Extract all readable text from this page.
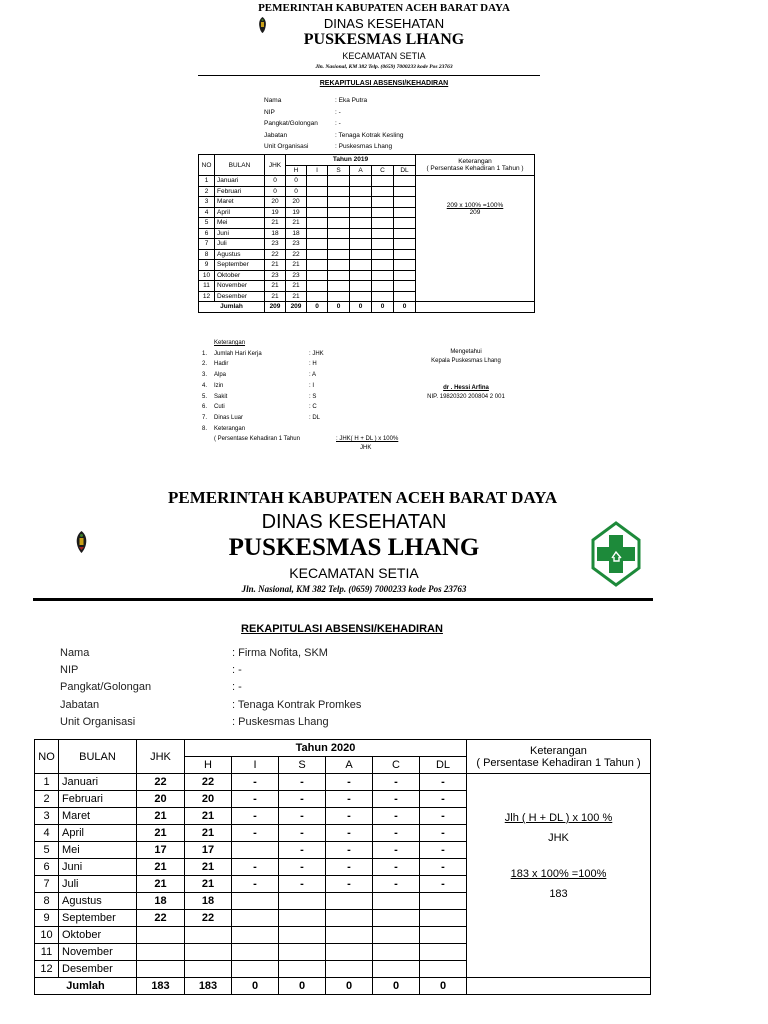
PEMERINTAH KABUPATEN ACEH BARAT DAYA
DINAS KESEHATAN
PUSKESMAS LHANG
KECAMATAN SETIA
Jln. Nasional, KM 382 Telp. (0659) 7000233 kode Pos 23763
REKAPITULASI ABSENSI/KEHADIRAN
Nama	: Eka Putra
NIP	: -
Pangkat/Golongan	: -
Jabatan	: Tenaga Kotrak Kesling
Unit Organisasi	: Puskesmas Lhang
NO	BULAN	JHK	Tahun 2019						Keterangan
( Persentase Kehadiran 1 Tahun )

			H	I	S	A	C	DL	
1	Januari	0	0						209 x 100% =100%
209

2	Februari	0	0						
3	Maret	20	20						
4	April	19	19						
5	Mei	21	21						
6	Juni	18	18						
7	Juli	23	23						
8	Agustus	22	22						
9	September	21	21						
10	Oktober	23	23						
11	November	21	21						
12	Desember	21	21						
Jumlah		209	209	0	0	0	0	0	
Keterangan
1. Jumlah Hari Kerja	: JHK
2. Hadir	: H
3. Alpa	: A
4. Izin	: I
5. Sakit	: S
6. Cuti	: C
7. Dinas Luar	: DL
8. Keterangan
( Persentase Kehadiran 1 Tahun	: JHK( H + DL ) x 100%
JHK
Mengetahui
Kepala Puskesmas Lhang
dr . Hessi Arfina
NIP. 19820320 200804 2 001
PEMERINTAH KABUPATEN ACEH BARAT DAYA
DINAS KESEHATAN
PUSKESMAS LHANG
KECAMATAN SETIA
Jln. Nasional, KM 382 Telp. (0659) 7000233 kode Pos 23763
REKAPITULASI ABSENSI/KEHADIRAN
Nama	: Firma Nofita, SKM
NIP	: -
Pangkat/Golongan	: -
Jabatan	: Tenaga Kontrak Promkes
Unit Organisasi	: Puskesmas Lhang
NO	BULAN	JHK	Tahun 2020						Keterangan
( Persentase Kehadiran 1 Tahun )

			H	I	S	A	C	DL	
1	Januari	22	22	-	-	-	-	-	Jlh ( H + DL ) x 100 %
JHK
183 x 100% =100%
183

2	Februari	20	20	-	-	-	-	-	
3	Maret	21	21	-	-	-	-	-	
4	April	21	21	-	-	-	-	-	
5	Mei	17	17		-	-	-	-	
6	Juni	21	21	-	-	-	-	-	
7	Juli	21	21	-	-	-	-	-	
8	Agustus	18	18						
9	September	22	22						
10	Oktober								
11	November								
12	Desember								
Jumlah		183	183	0	0	0	0	0	
